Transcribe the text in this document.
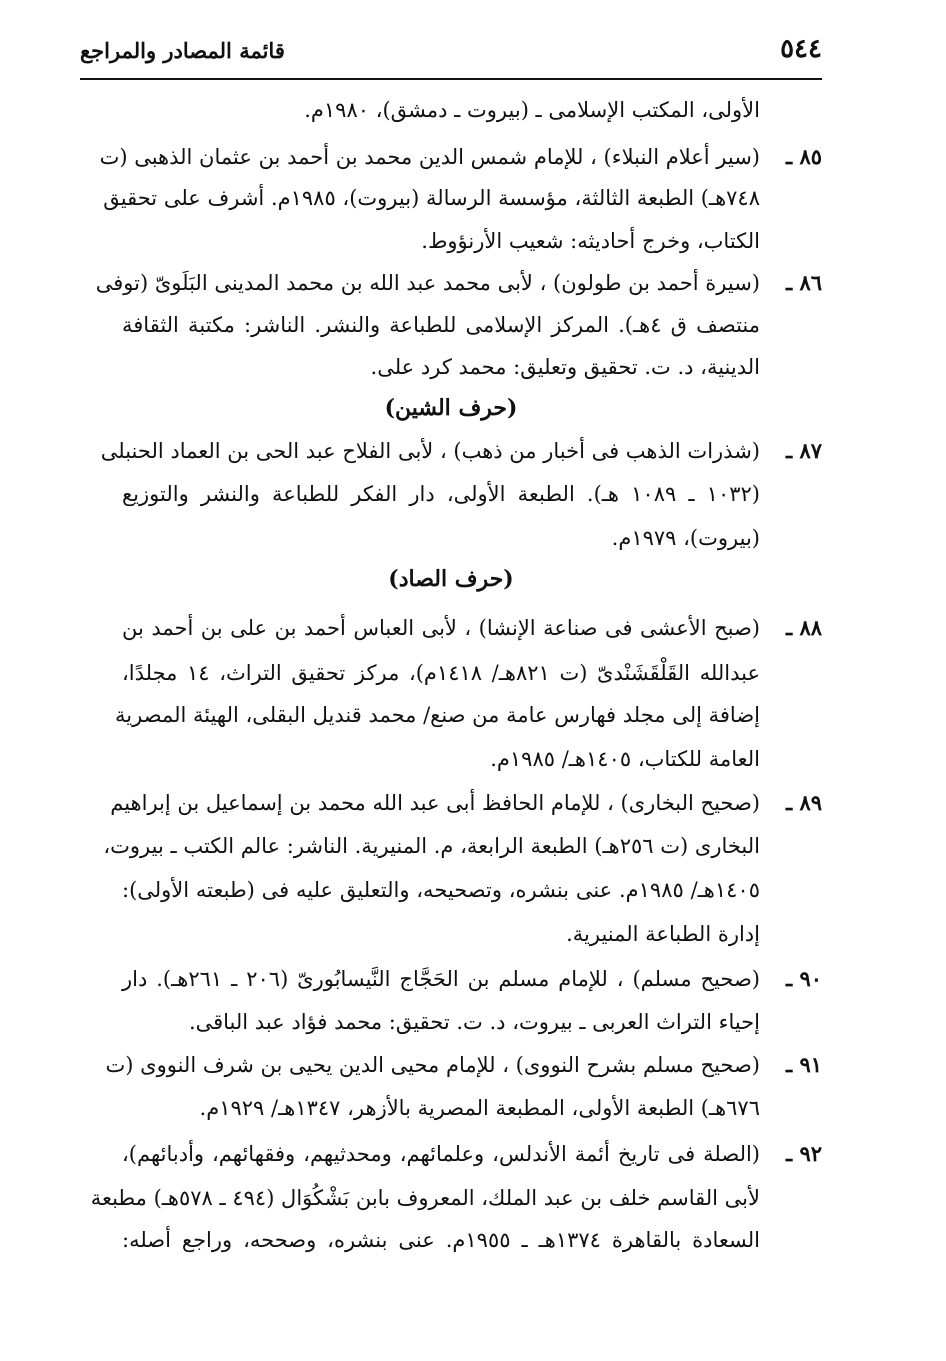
٥٤٤
قائمة المصادر والمراجع
الأولى، المكتب الإسلامى ـ (بيروت ـ دمشق)، ١٩٨٠م.
٨٥ ـ
(سير أعلام النبلاء) ، للإمام شمس الدين محمد بن أحمد بن عثمان الذهبى (ت
٧٤٨هـ) الطبعة الثالثة، مؤسسة الرسالة (بيروت)، ١٩٨٥م. أشرف على تحقيق
الكتاب، وخرج أحاديثه: شعيب الأرنؤوط.
٨٦ ـ
(سيرة أحمد بن طولون) ، لأبى محمد عبد الله بن محمد المدينى البَلَوىّ (توفى
منتصف ق ٤هـ). المركز الإسلامى للطباعة والنشر. الناشر: مكتبة الثقافة
الدينية، د. ت. تحقيق وتعليق: محمد كرد على.
(حرف الشين)
٨٧ ـ
(شذرات الذهب فى أخبار من ذهب) ، لأبى الفلاح عبد الحى بن العماد الحنبلى
(١٠٣٢ ـ ١٠٨٩ هـ). الطبعة الأولى، دار الفكر للطباعة والنشر والتوزيع
(بيروت)، ١٩٧٩م.
(حرف الصاد)
٨٨ ـ
(صبح الأعشى فى صناعة الإنشا) ، لأبى العباس أحمد بن على بن أحمد بن
عبدالله القَلْقَشَنْدىّ (ت ٨٢١هـ/ ١٤١٨م)، مركز تحقيق التراث، ١٤ مجلدًا،
إضافة إلى مجلد فهارس عامة من صنع/ محمد قنديل البقلى، الهيئة المصرية
العامة للكتاب، ١٤٠٥هـ/ ١٩٨٥م.
٨٩ ـ
(صحيح البخارى) ، للإمام الحافظ أبى عبد الله محمد بن إسماعيل بن إبراهيم
البخارى (ت ٢٥٦هـ) الطبعة الرابعة، م. المنيرية. الناشر: عالم الكتب ـ بيروت،
١٤٠٥هـ/ ١٩٨٥م. عنى بنشره، وتصحيحه، والتعليق عليه فى (طبعته الأولى):
إدارة الطباعة المنيرية.
٩٠ ـ
(صحيح مسلم) ، للإمام مسلم بن الحَجَّاج النَّيسابُورىّ (٢٠٦ ـ ٢٦١هـ). دار
إحياء التراث العربى ـ بيروت، د. ت. تحقيق: محمد فؤاد عبد الباقى.
٩١ ـ
(صحيح مسلم بشرح النووى) ، للإمام محيى الدين يحيى بن شرف النووى (ت
٦٧٦هـ) الطبعة الأولى، المطبعة المصرية بالأزهر، ١٣٤٧هـ/ ١٩٢٩م.
٩٢ ـ
(الصلة فى تاريخ أئمة الأندلس، وعلمائهم، ومحدثيهم، وفقهائهم، وأدبائهم)،
لأبى القاسم خلف بن عبد الملك، المعروف بابن بَشْكُوَال (٤٩٤ ـ ٥٧٨هـ) مطبعة
السعادة بالقاهرة ١٣٧٤هـ ـ ١٩٥٥م. عنى بنشره، وصححه، وراجع أصله:
